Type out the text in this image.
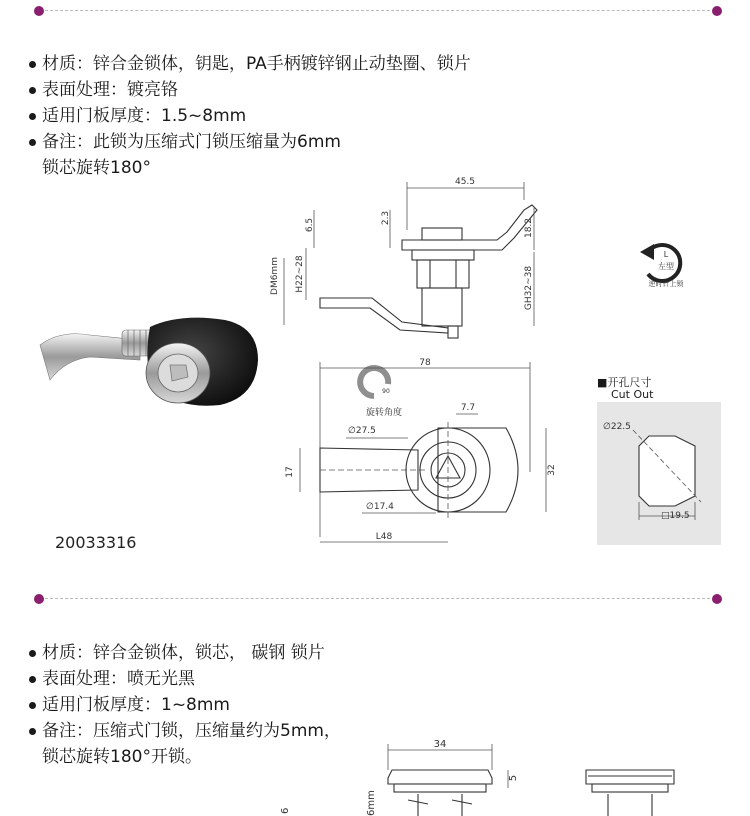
材质：锌合金锁体，钥匙，PA手柄镀锌钢止动垫圈、锁片
表面处理：镀亮铬
适用门板厚度：1.5~8mm
备注：此锁为压缩式门锁压缩量为6mm
锁芯旋转180°
45.5
6.5	2.3
H22~28
DM6mm
18.2
GH32~38
L
左型
逆时针上锁
78
旋转角度
90
7.7
∅27.5
17	32
∅17.4
L48
■开孔尺寸
Cut Out
∅22.5
□19.5
20033316
材质：锌合金锁体，锁芯， 碳钢 锁片
表面处理：喷无光黑
适用门板厚度：1~8mm
备注：压缩式门锁，压缩量约为5mm，
锁芯旋转180°开锁。
34
5
6	6mm
